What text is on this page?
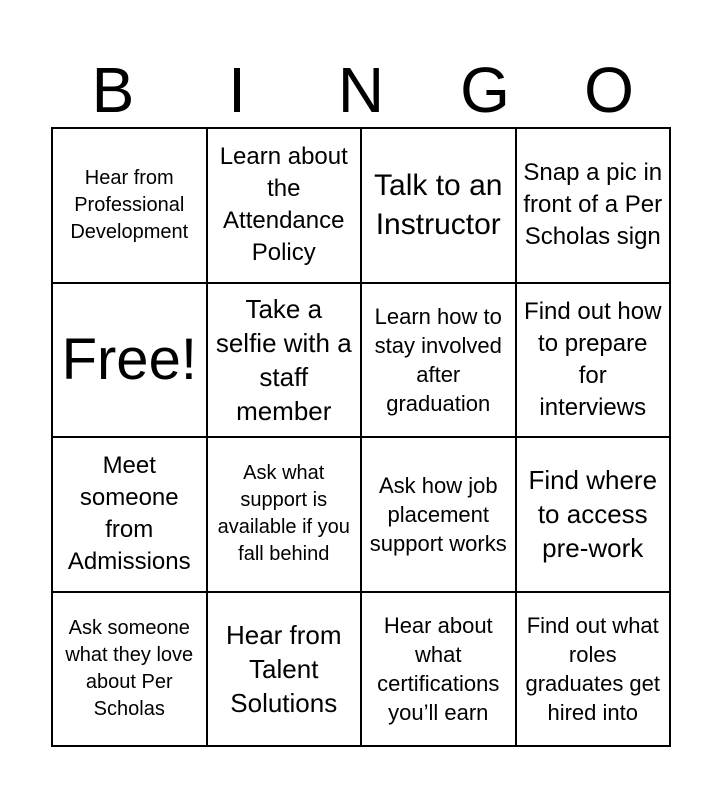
B	I	N	G	O
Hear from Professional Development
Learn about the Attendance Policy
Talk to an Instructor
Snap a pic in front of a Per Scholas sign
Free!
Take a selfie with a staff member
Learn how to stay involved after graduation
Find out how to prepare for interviews
Meet someone from Admissions
Ask what support is available if you fall behind
Ask how job placement support works
Find where to access pre-work
Ask someone what they love about Per Scholas
Hear from Talent Solutions
Hear about what certifications you’ll earn
Find out what roles graduates get hired into
